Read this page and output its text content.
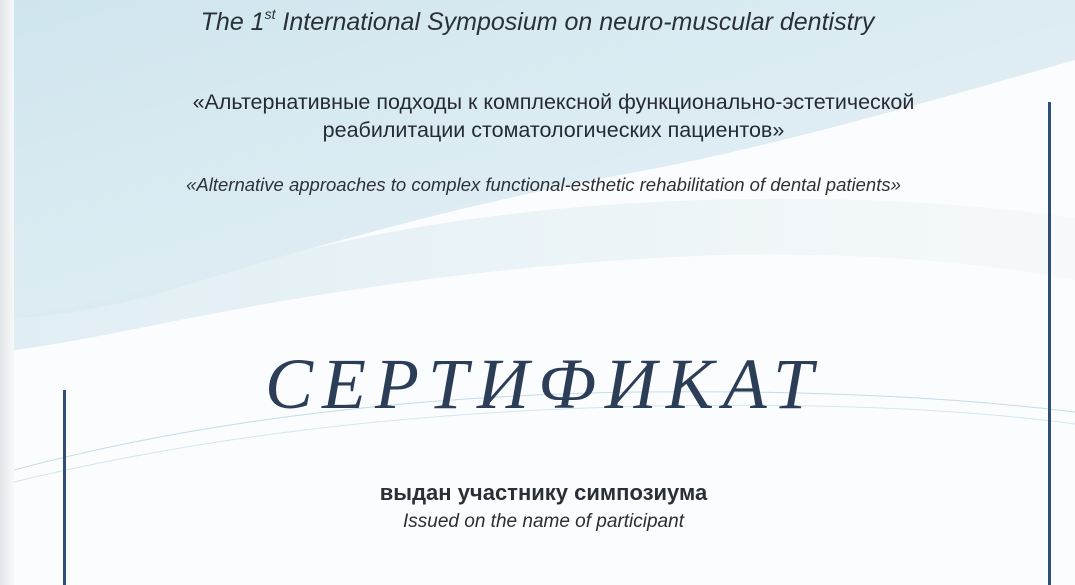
The 1st International Symposium on neuro-muscular dentistry
«Альтернативные подходы к комплексной функционально-эстетической
реабилитации стоматологических пациентов»
«Alternative approaches to complex functional-esthetic rehabilitation of dental patients»
СЕРТИФИКАТ
выдан участнику симпозиума
Issued on the name of participant
